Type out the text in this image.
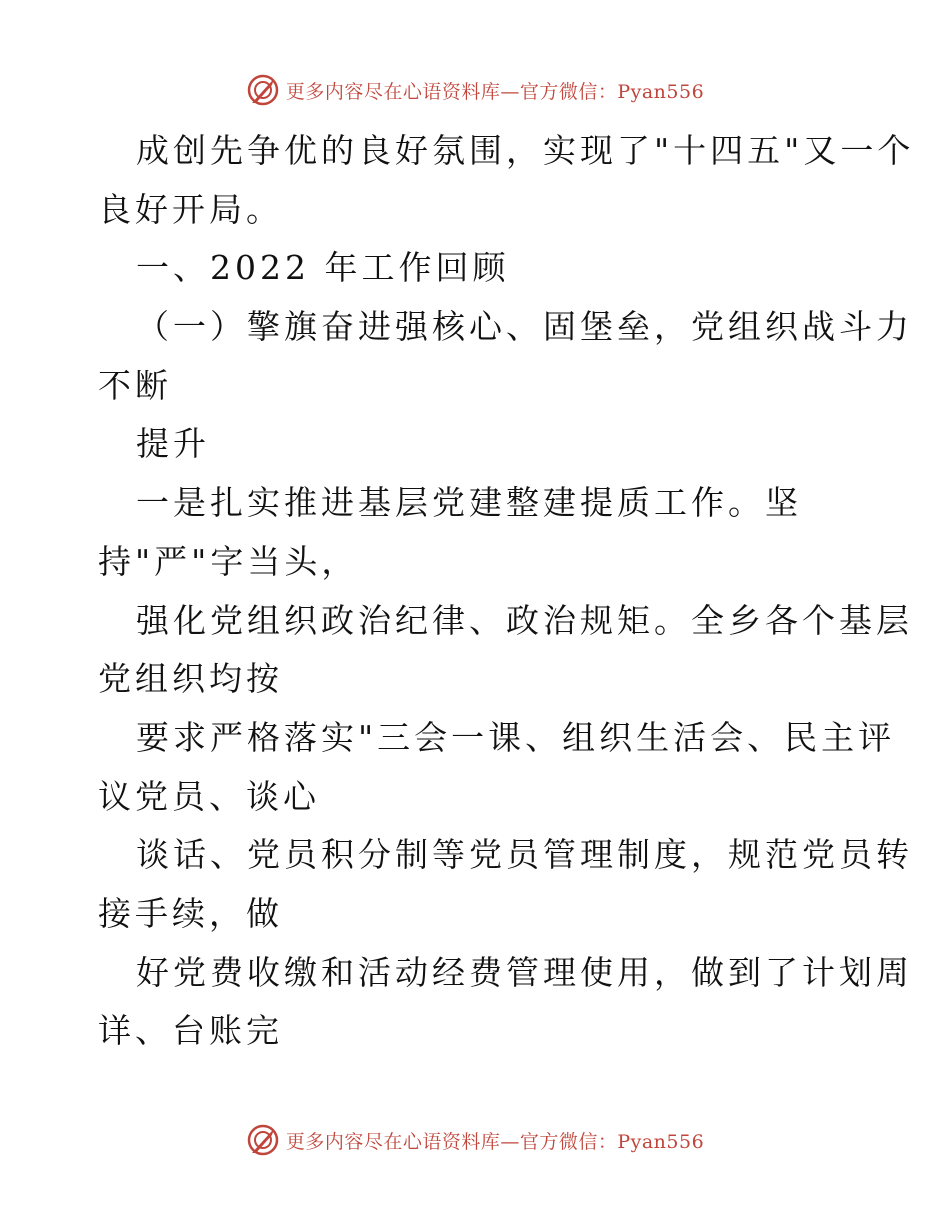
更多内容尽在心语资料库—官方微信：Pyan556
成创先争优的良好氛围，实现了"十四五"又一个
良好开局。
一、2022 年工作回顾
（一）擎旗奋进强核心、固堡垒，党组织战斗力
不断
提升
一是扎实推进基层党建整建提质工作。坚
持"严"字当头，
强化党组织政治纪律、政治规矩。全乡各个基层
党组织均按
要求严格落实"三会一课、组织生活会、民主评
议党员、谈心
谈话、党员积分制等党员管理制度，规范党员转
接手续，做
好党费收缴和活动经费管理使用，做到了计划周
详、台账完
更多内容尽在心语资料库—官方微信：Pyan556
